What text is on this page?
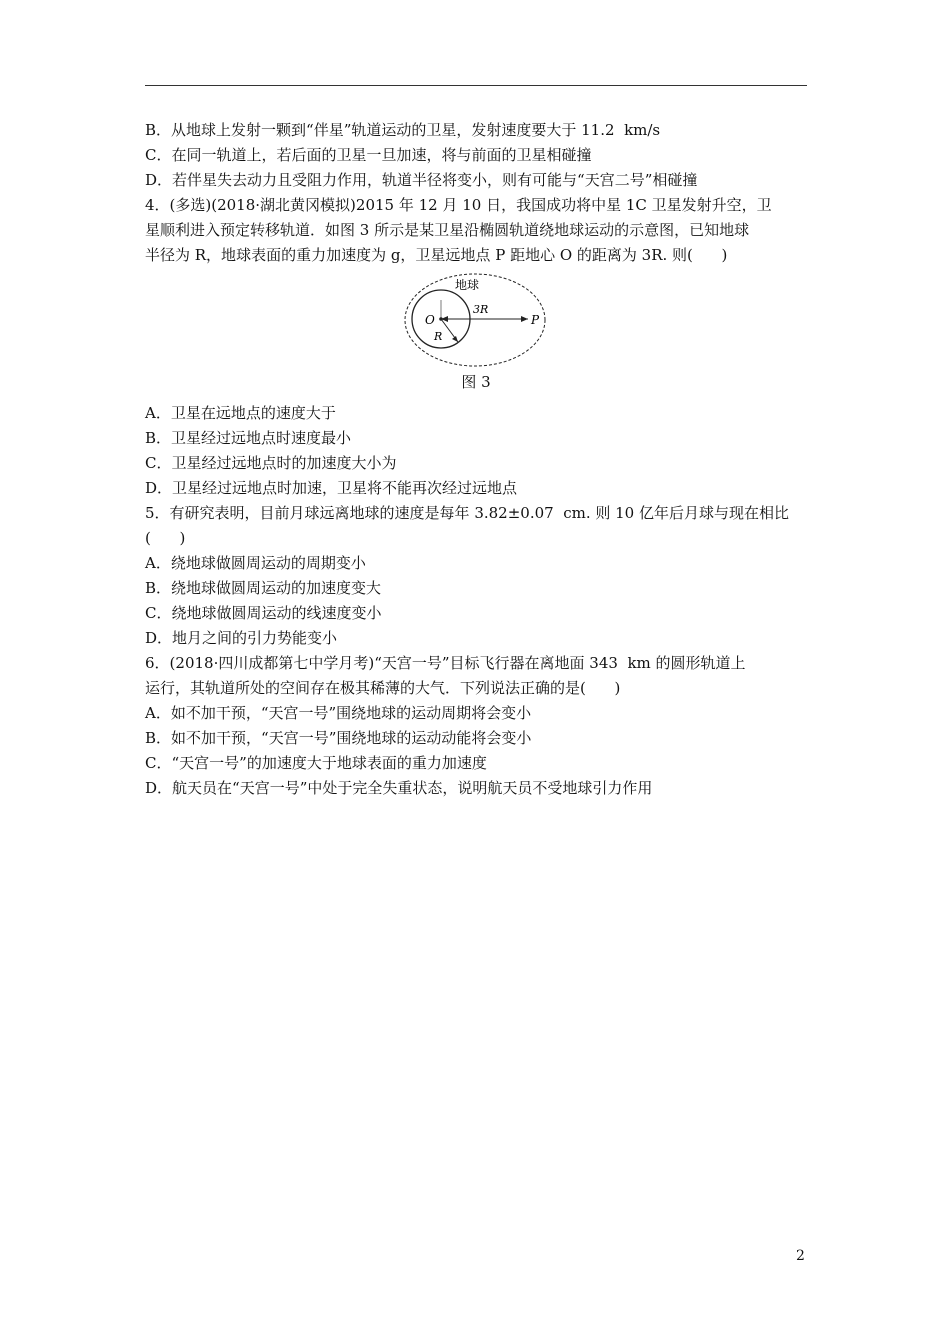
B．从地球上发射一颗到“伴星”轨道运动的卫星，发射速度要大于 11.2  km/s
C．在同一轨道上，若后面的卫星一旦加速，将与前面的卫星相碰撞
D．若伴星失去动力且受阻力作用，轨道半径将变小，则有可能与“天宫二号”相碰撞
4．(多选)(2018·湖北黄冈模拟)2015 年 12 月 10 日，我国成功将中星 1C 卫星发射升空，卫
星顺利进入预定转移轨道．如图 3 所示是某卫星沿椭圆轨道绕地球运动的示意图，已知地球
半径为 R，地球表面的重力加速度为 g，卫星远地点 P 距地心 O 的距离为 3R. 则(      )
地球
3R
O
R
P
图 3
A．卫星在远地点的速度大于
B．卫星经过远地点时速度最小
C．卫星经过远地点时的加速度大小为
D．卫星经过远地点时加速，卫星将不能再次经过远地点
5．有研究表明，目前月球远离地球的速度是每年 3.82±0.07  cm. 则 10 亿年后月球与现在相比
(      )
A．绕地球做圆周运动的周期变小
B．绕地球做圆周运动的加速度变大
C．绕地球做圆周运动的线速度变小
D．地月之间的引力势能变小
6．(2018·四川成都第七中学月考)“天宫一号”目标飞行器在离地面 343  km 的圆形轨道上
运行，其轨道所处的空间存在极其稀薄的大气．下列说法正确的是(      )
A．如不加干预，“天宫一号”围绕地球的运动周期将会变小
B．如不加干预，“天宫一号”围绕地球的运动动能将会变小
C．“天宫一号”的加速度大于地球表面的重力加速度
D．航天员在“天宫一号”中处于完全失重状态，说明航天员不受地球引力作用
2
